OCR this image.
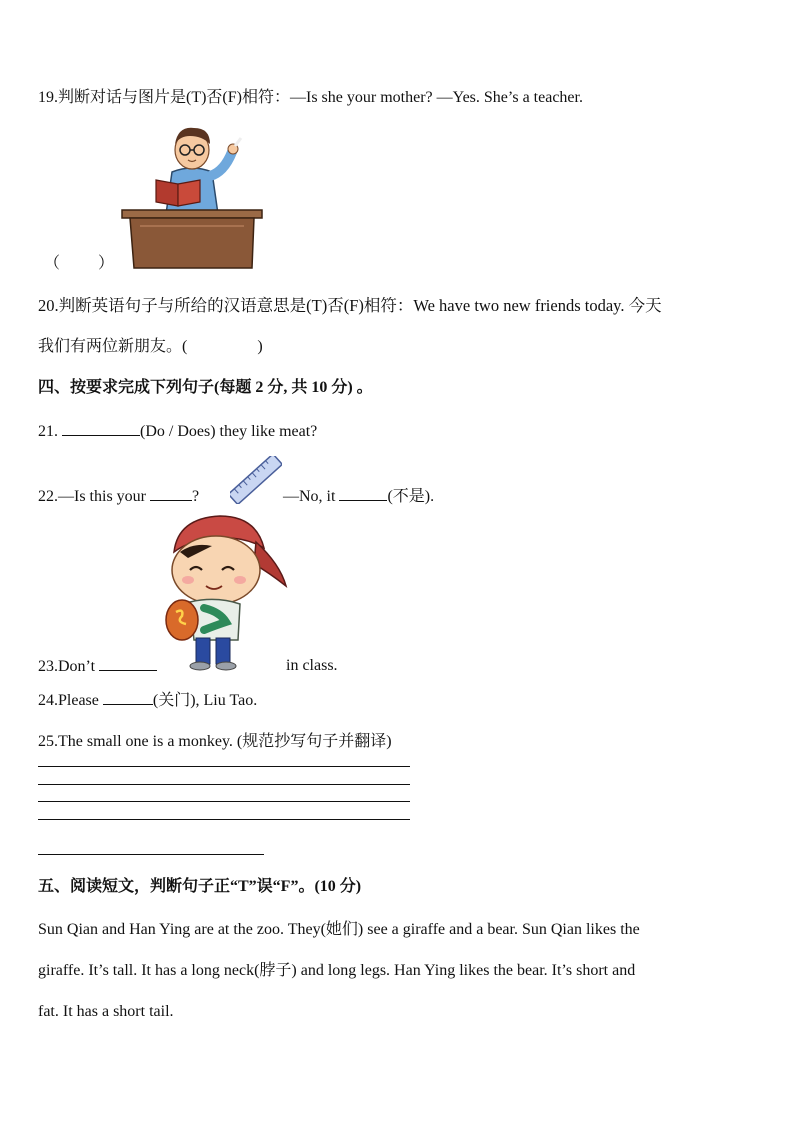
19.判断对话与图片是(T)否(F)相符：—Is she your mother? —Yes. She’s a teacher.
（ ）
20.判断英语句子与所给的汉语意思是(T)否(F)相符：We have two new friends today. 今天
我们有两位新朋友。(	)
四、按要求完成下列句子(每题 2 分, 共 10 分) 。
21.	(Do / Does) they like meat?
22.—Is this your	?	—No, it	(不是).
23.Don’t	in class.
24.Please	(关门), Liu Tao.
25.The small one is a monkey. (规范抄写句子并翻译)
五、阅读短文，判断句子正“T”误“F”。(10 分)
Sun Qian and Han Ying are at the zoo. They(她们) see a giraffe and a bear. Sun Qian likes the
giraffe. It’s tall. It has a long neck(脖子) and long legs. Han Ying likes the bear. It’s short and
fat. It has a short tail.
